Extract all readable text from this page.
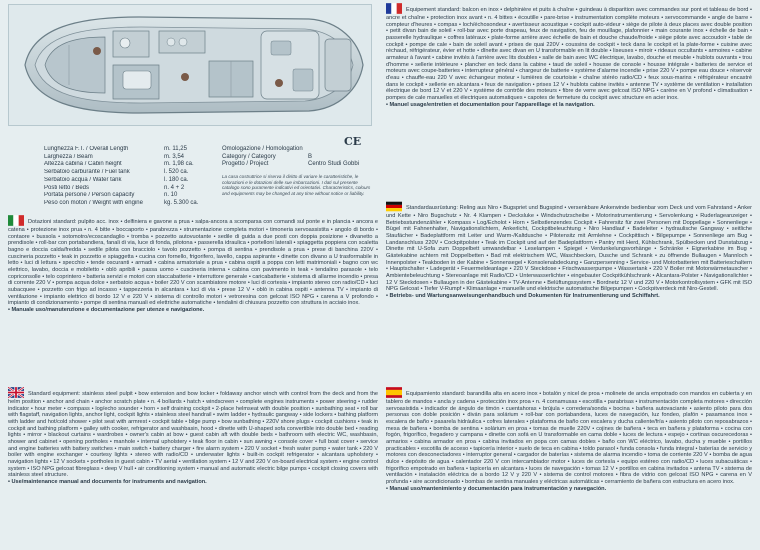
Lunghezza F.T. / Overall Length	m. 11,25
Larghezza / Beam	m. 3,54
Altezza cabina / Cabin height	m. 1,98 ca.
Serbatoio carburante / Fuel tank	l. 520 ca.
Serbatoio acqua / Water tank	l. 180 ca.
Posti letto / Beds	n. 4 + 2
Portata persone / Person capacity	n. 10
Peso con motori / Weight with engine	kg. 5.300 ca.
CE
Omologazione / Homologation
Category / Category	B
Progetto / Project	Centro Studi Gobbi
La casa costruttrice si riserva il diritto di variare le caratteristiche, le colorazioni e le dotazioni delle sue imbarcazioni. I dati sul presente catalogo sono puramente indicativi ed orientativi. Characteristics, colours and equipments may be changed at any time without notice or liability.

Dotazioni standard: pulpito acc. inox • delfiniera e gavone a prua • salpa-ancora a scomparsa con comandi sul ponte e in plancia • ancora e catena • protezione inox prua • n. 4 bitte • boccaporto • parabrezza • strumentazione completa motori • timoneria servoassistita • angolo di bordo • contaore • bussola • sotomotro/ecoscandaglio • tromba • pozzetto autovuotante • sedile di guida a due posti con doppia posizione • divanetto a prendisole • roll-bar con portabandiera, fanali di via, luce di fonda, pilotona • passerella idraulica • portelloni laterali • spiaggetta poppiera con scaletta bagno e doccia calda/fredda • sedile pilota con bracciolo • tavolo pozzetto • pompa di sentina • prendisole a prua • prese di banchina 220V • cuscineria pozzetto • teak in pozzetto e spiaggetta • cucina con fornello, frigorifero, lavello, cappa aspirante • dinette con divano a U trasformabile in letto • luci di lettura • specchio • tende oscuranti • armadi • cabina armatoriale a prua • cabina ospiti a poppa con letti matrimoniali • bagno con wc elettrico, lavabo, doccia e mobiletto • oblò apribili • passa uomo • cuscineria interna • cabina con pavimento in teak • tendalino parasole • telo copriconsolle • telo coprintero • batteria servizi e motori con staccabatterie • interruttore generale • caricabatterie • sistema di allarme incendio • presa di corrente 220 V • pompa acqua dolce • serbatoio acqua • boiler 220 V con scambiatore motore • luci di cortesia • impianto stereo con radio/CD • luci subacquee • pozzetto con frigo ad incasso • tappezzeria in alcantara • luci di via • prese 12 V • oblò in cabina ospiti • antenna TV • impianto di ventilazione • impianto elettrico di bordo 12 V e 220 V • sistema di controllo motori • vetroresina con gelcoat ISO NPG • carena a V profondo • impianto di condizionamento • pompe di sentina manuali ed elettriche automatiche • tendalini di chiusura pozzetto con struttura in acciaio inox.
• Manuale uso/manutenzione e documentazione per utenze e navigazione.

Standard equipment: stainless steel pulpit • bow extension and bow locker • foldaway anchor winch with control from the deck and from the helm position • anchor and chain • anchor scratch plate • n. 4 bollards • hatch • windscreen • complete engines instruments • power steering • rudder indicator • hour meter • compass • log/echo sounder • horn • self draining cockpit • 2-place helmseat with double position • sunbathing seat • roll bar with flagstaff, navigation lights, anchor light, cockpit lights • stainless steel handrail • swim ladder • hydraulic gangway • side lockers • bathing platform with ladder and hot/cold shower • pilot seat with armrest • cockpit table • bilge pump • bow sunbathing • 220V shore plugs • cockpit cushions • teak in cockpit and bathing platform • galley with cooker, refrigerator and washbasin, hood • dinette with U-shaped sofa convertible into double bed • reading lights • mirror • blackout curtains • wardrobes • owner's cabin at bow • guest cabin aft with double beds • bathroom with electric WC, washbasin, shower and cabinet • opening portholes • manhole • internal upholstery • teak floor in cabin • sun awning • console cover • full boat cover • service and engine batteries with battery switches • main switch • battery charger • fire alarm system • 220 V socket • fresh water pump • water tank • 220 V boiler with engine exchanger • courtesy lights • stereo with radio/CD • underwater lights • built-in cockpit refrigerator • alcantara upholstery • navigation lights • 12 V sockets • portholes in guest cabin • TV aerial • ventilation system • 12 V and 220 V on-board electrical system • engine control system • ISO NPG gelcoat fibreglass • deep V hull • air conditioning system • manual and automatic electric bilge pumps • cockpit closing covers with stainless steel structure.
• Use/maintenance manual and documents for instruments and navigation.

Equipement standard: balcon en inox • delphinière et puits à chaîne • guindeau à disparition avec commandes sur pont et tableau de bord • ancre et chaîne • protection inox avant • n. 4 bittes • écoutille • pare-brise • instrumentation complète moteurs • servocommande • angle de barre • compteur d'heures • compas • loch/échosondeur • avertisseur acoustique • cockpit auto-videur • siège de pilote à deux places avec double position • petit divan bain de soleil • roll-bar avec porte drapeau, feux de navigation, feu de mouillage, plafonnier • main courante inox • échelle de bain • passerelle hydraulique • coffres latéraux • plate-forme arrière avec échelle de bain et douche chaude/froide • siège pilote avec accoudoir • table de cockpit • pompe de cale • bain de soleil avant • prises de quai 220V • coussins de cockpit • teck dans le cockpit et la plate-forme • cuisine avec réchaud, réfrigérateur, évier et hotte • dînette avec divan en U transformable en lit double • liseuses • miroir • rideaux occultants • armoires • cabine armateur à l'avant • cabine invités à l'arrière avec lits doubles • salle de bain avec WC électrique, lavabo, douche et meuble • hublots ouvrants • trou d'homme • sellerie intérieure • plancher en teck dans la cabine • taud de soleil • housse de console • housse intégrale • batteries de service et moteurs avec coupe-batteries • interrupteur général • chargeur de batterie • système d'alarme incendie • prise 220 V • pompe eau douce • réservoir d'eau • chauffe-eau 220 V avec échangeur moteur • lumières de courtoisie • chaîne stéréo radio/CD • feux sous-marins • réfrigérateur encastré dans le cockpit • sellerie en alcantara • feux de navigation • prises 12 V • hublots cabine invités • antenne TV • système de ventilation • installation électrique de bord 12 V et 220 V • système de contrôle des moteurs • fibre de verre avec gelcoat ISO NPG • carène en V profond • climatisation • pompes de cale manuelles et électriques automatiques • capotes de fermeture du cockpit avec structure en acier inox.
• Manuel usage/entretien et documentation pour l'appareillage et la navigation.

Standardausrüstung: Reling aus Niro • Bugspriet und Bugspind • versenkbare Ankerwinde bedienbar vom Deck und vom Fahrstand • Anker und Kette • Niro Bugschutz • Nr. 4 Klampen • Decksluke • Windschutzscheibe • Motorinstrumentierung • Servolenkung • Ruderlageanzeiger • Betriebsstundenzähler • Kompass • Log/Echolot • Horn • Selbstlenzendes Cockpit • Fahrersitz für zwei Personen mit Doppellage • Sonnenliege • Bügel mit Fahnenhalter, Navigationslichtern, Ankerlicht, Cockpitbeleuchtung • Niro Handlauf • Badeleiter • hydraulische Gangway • seitliche Staufächer • Badeplattform mit Leiter und Warm-/Kaltdusche • Pilotensitz mit Armlehne • Cockpittisch • Bilgepumpe • Sonnenliege am Bug • Landanschluss 220V • Cockpitpolster • Teak im Cockpit und auf der Badeplattform • Pantry mit Herd, Kühlschrank, Spülbecken und Dunstabzug • Dinette mit U-Sofa zum Doppelbett umwandelbar • Leselampen • Spiegel • Verdunkelungsvorhänge • Schränke • Eignerkabine im Bug • Gästekabine achtern mit Doppelbetten • Bad mit elektrischem WC, Waschbecken, Dusche und Schrank • zu öffnende Bullaugen • Mannloch • Innenpolster • Teakboden in der Kabine • Sonnensegel • Konsolenabdeckung • Ganzpersenning • Service- und Motorbatterien mit Batterieschaltern • Hauptschalter • Ladegerät • Feuermeldeanlage • 220 V Steckdose • Frischwasserpumpe • Wassertank • 220 V Boiler mit Motorwärmetauscher • Ambientebeleuchtung • Stereoanlage mit Radio/CD • Unterwasserlichter • eingebauter Cockpitkühlschrank • Alcantara-Polster • Navigationslichter • 12 V Steckdosen • Bullaugen in der Gästekabine • TV-Antenne • Belüftungssystem • Bordnetz 12 V und 220 V • Motorkontrollsystem • GFK mit ISO NPG Gelcoat • Tiefer V-Rumpf • Klimaanlage • manuelle und elektrische automatische Bilgepumpen • Cockpitverdeck mit Niro-Gestell.
• Betriebs- und Wartungsanweisungenhandbuch und Dokumenten für Instrumentierung und Schiffahrt.

Equipamiento standard: barandilla alta en acero inox • botalón y nicel de proa • molinete de ancla empotrado con mandos en cubierta y en tablero de mandos • ancla y cadena • protección inox proa • n. 4 cornamusas • escotilla • parabrisas • instrumentación completa motores • dirección servoasistida • indicador de ángulo de timón • cuentahoras • brújula • corredera/sonda • bocina • bañera autovaciante • asiento piloto para dos personas con doble posición • diván para solárium • roll-bar con portabandera, luces de navegación, luz fondeo, plafón • pasamanos inox • escalera de baño • pasarela hidráulica • cofres laterales • plataforma de baño con escalera y ducha caliente/fría • asiento piloto con reposabrazos • mesa de bañera • bomba de sentina • solárium en proa • tomas de muelle 220V • cojines de bañera • teca en bañera y plataforma • cocina con fogón, frigorífico, fregadero y campana • dinette con sofá en U transformable en cama doble • luces de lectura • espejo • cortinas oscurecedoras • armarios • cabina armador en proa • cabina invitados en popa con camas dobles • baño con WC eléctrico, lavabo, ducha y mueble • portillos practicables • escotilla de acceso • tapicería interior • suelo de teca en cabina • toldo parasol • funda consola • funda integral • baterías de servicio y motores con desconectadores • interruptor general • cargador de baterías • sistema de alarma incendio • toma de corriente 220 V • bomba de agua dulce • depósito de agua • calentador 220 V con intercambiador motor • luces de cortesía • equipo estéreo con radio/CD • luces subacuáticas • frigorífico empotrado en bañera • tapicería en alcantara • luces de navegación • tomas 12 V • portillos en cabina invitados • antena TV • sistema de ventilación • instalación eléctrica de a bordo 12 V y 220 V • sistema de control motores • fibra de vidrio con gelcoat ISO NPG • carena en V profunda • aire acondicionado • bombas de sentina manuales y eléctricas automáticas • cerramiento de bañera con estructura en acero inox.
• Manual uso/mantenimiento y documentación para instrumentación y navegación.
